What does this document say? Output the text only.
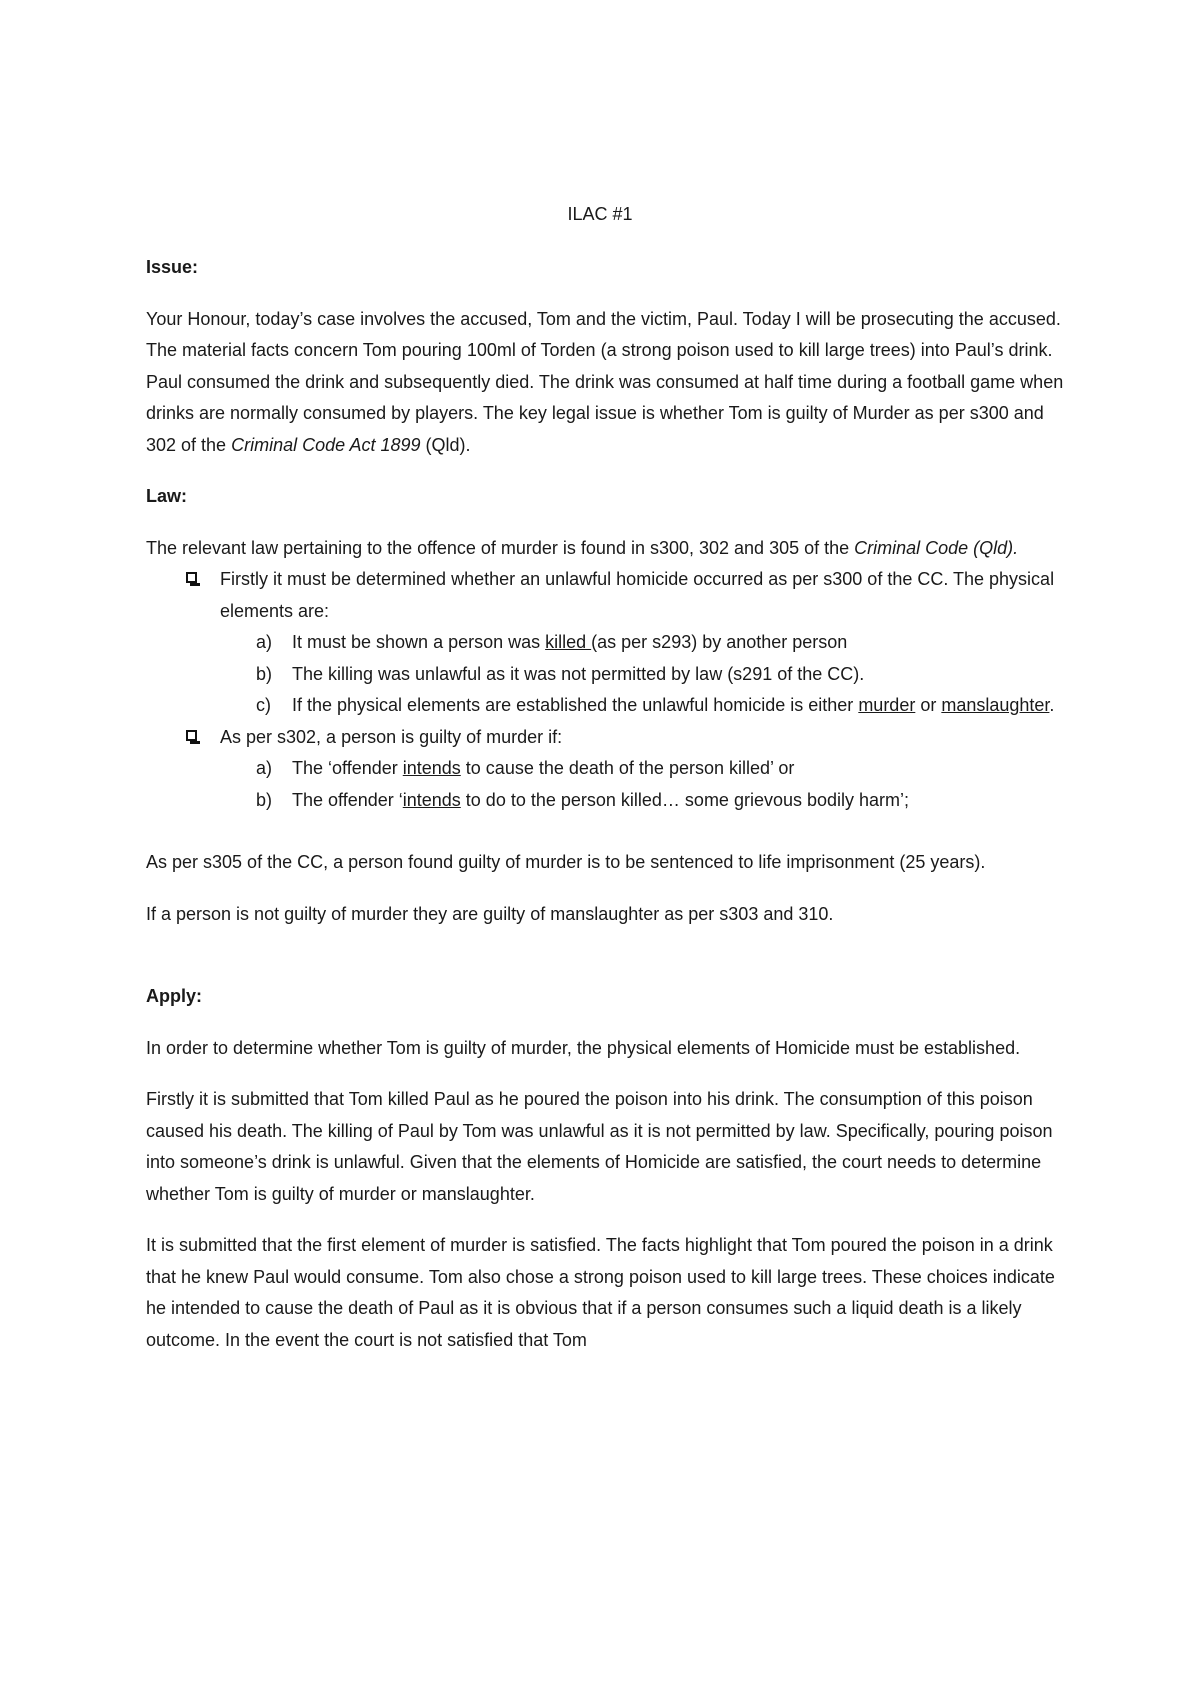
ILAC #1

Issue:

Your Honour, today’s case involves the accused, Tom and the victim, Paul. Today I will be prosecuting the accused. The material facts concern Tom pouring 100ml of Torden (a strong poison used to kill large trees) into Paul’s drink. Paul consumed the drink and subsequently died. The drink was consumed at half time during a football game when drinks are normally consumed by players. The key legal issue is whether Tom is guilty of Murder as per s300 and 302 of the Criminal Code Act 1899 (Qld).

Law:

The relevant law pertaining to the offence of murder is found in s300, 302 and 305 of the Criminal Code (Qld).

Firstly it must be determined whether an unlawful homicide occurred as per s300 of the CC. The physical elements are:
a) It must be shown a person was killed (as per s293) by another person
b) The killing was unlawful as it was not permitted by law (s291 of the CC).
c) If the physical elements are established the unlawful homicide is either murder or manslaughter.
As per s302, a person is guilty of murder if:
a) The ‘offender intends to cause the death of the person killed’ or
b) The offender ‘intends to do to the person killed… some grievous bodily harm’;

As per s305 of the CC, a person found guilty of murder is to be sentenced to life imprisonment (25 years).

If a person is not guilty of murder they are guilty of manslaughter as per s303 and 310.

Apply:

In order to determine whether Tom is guilty of murder, the physical elements of Homicide must be established.

Firstly it is submitted that Tom killed Paul as he poured the poison into his drink. The consumption of this poison caused his death. The killing of Paul by Tom was unlawful as it is not permitted by law. Specifically, pouring poison into someone’s drink is unlawful. Given that the elements of Homicide are satisfied, the court needs to determine whether Tom is guilty of murder or manslaughter.

It is submitted that the first element of murder is satisfied. The facts highlight that Tom poured the poison in a drink that he knew Paul would consume. Tom also chose a strong poison used to kill large trees. These choices indicate he intended to cause the death of Paul as it is obvious that if a person consumes such a liquid death is a likely outcome. In the event the court is not satisfied that Tom
